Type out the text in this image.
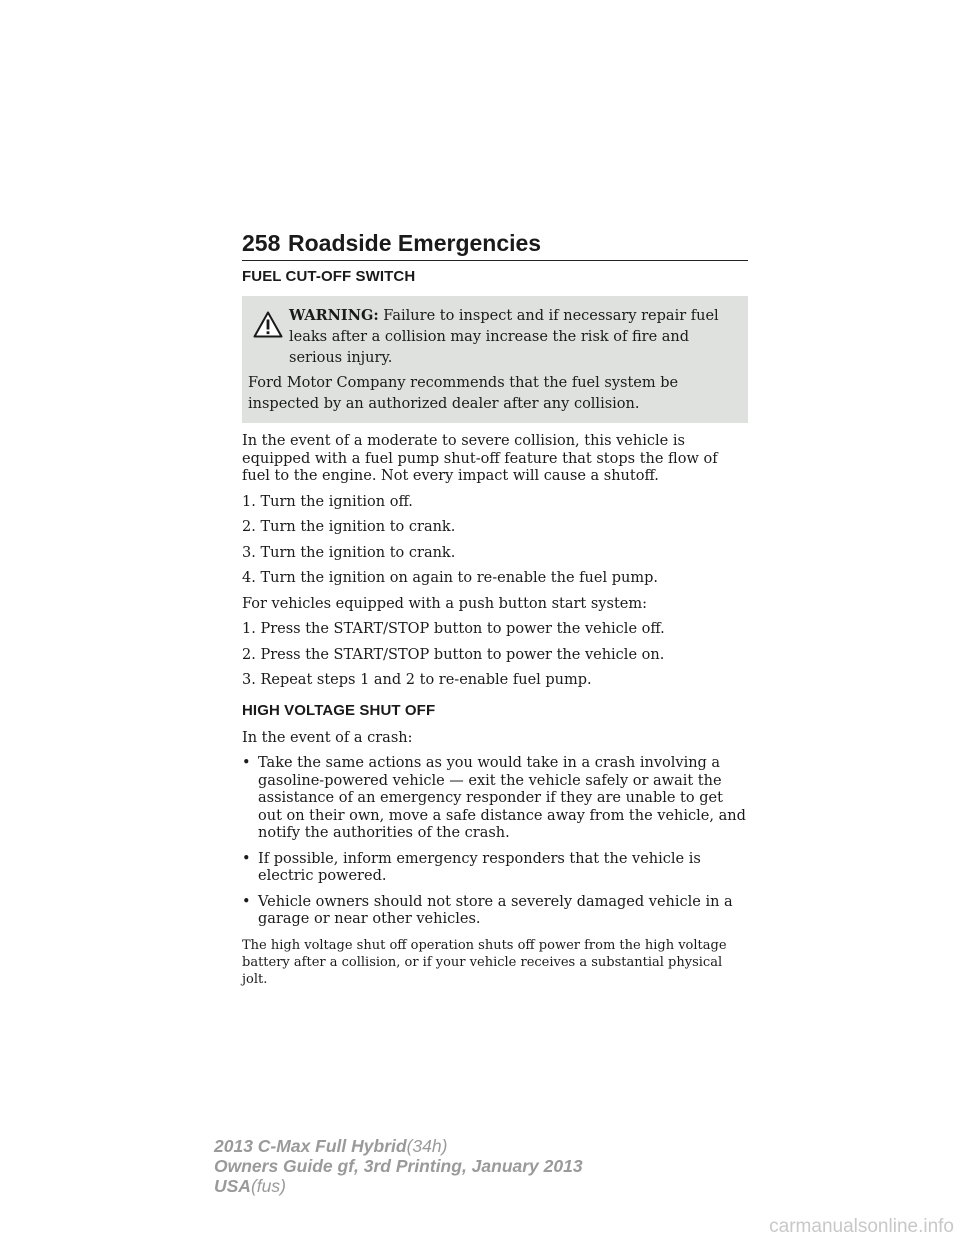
258 Roadside Emergencies
FUEL CUT-OFF SWITCH

WARNING: Failure to inspect and if necessary repair fuel leaks after a collision may increase the risk of fire and serious injury.

Ford Motor Company recommends that the fuel system be inspected by an authorized dealer after any collision.

In the event of a moderate to severe collision, this vehicle is equipped with a fuel pump shut-off feature that stops the flow of fuel to the engine. Not every impact will cause a shutoff.

1. Turn the ignition off.

2. Turn the ignition to crank.

3. Turn the ignition to crank.

4. Turn the ignition on again to re-enable the fuel pump.

For vehicles equipped with a push button start system:

1. Press the START/STOP button to power the vehicle off.

2. Press the START/STOP button to power the vehicle on.

3. Repeat steps 1 and 2 to re-enable fuel pump.

HIGH VOLTAGE SHUT OFF

In the event of a crash:

• Take the same actions as you would take in a crash involving a gasoline-powered vehicle — exit the vehicle safely or await the assistance of an emergency responder if they are unable to get out on their own, move a safe distance away from the vehicle, and notify the authorities of the crash.
• If possible, inform emergency responders that the vehicle is electric powered.
• Vehicle owners should not store a severely damaged vehicle in a garage or near other vehicles.

The high voltage shut off operation shuts off power from the high voltage battery after a collision, or if your vehicle receives a substantial physical jolt.

2013 C-Max Full Hybrid(34h)
Owners Guide gf, 3rd Printing, January 2013
USA(fus)
carmanualsonline.info
